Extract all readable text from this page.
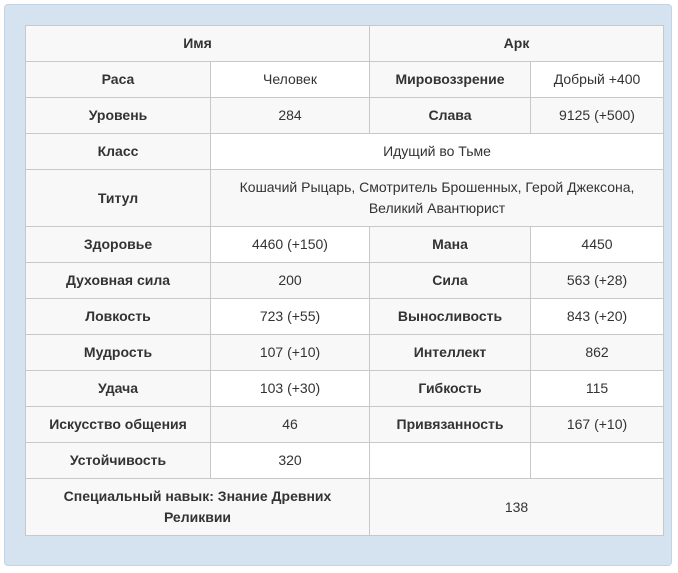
Имя		Арк	
Раса	Человек	Мировоззрение	Добрый +400
Уровень	284	Слава	9125 (+500)
Класс	Идущий во Тьме		
Титул	Кошачий Рыцарь, Смотритель Брошенных, Герой Джексона, Великий Авантюрист		
Здоровье	4460 (+150)	Мана	4450
Духовная сила	200	Сила	563 (+28)
Ловкость	723 (+55)	Выносливость	843 (+20)
Мудрость	107 (+10)	Интеллект	862
Удача	103 (+30)	Гибкость	115
Искусство общения	46	Привязанность	167 (+10)
Устойчивость	320		
Специальный навык: Знание Древних Реликвии		138	
